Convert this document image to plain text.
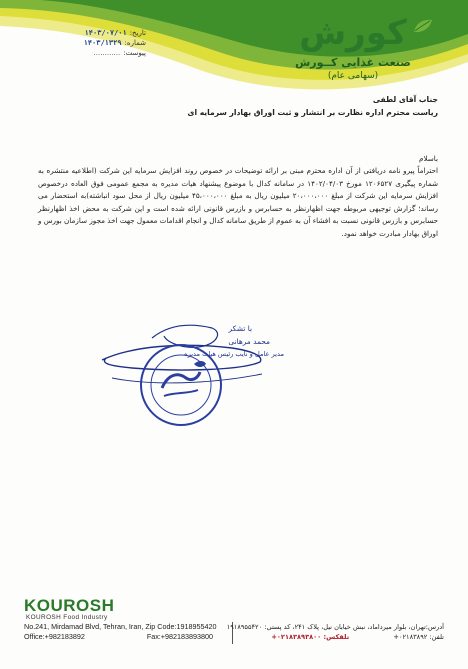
کورش
صنعت غذایی کــورش
(سهامی عام)
تاریخ:
۱۴۰۳/۰۷/۰۱
شماره:
۱۴۰۳/۱۳۲۹
پیوست:
............
جناب آقای لطفی
ریاست محترم اداره نظارت بر انتشار و ثبت اوراق بهادار سرمایه ای
باسلام
احتراماً پیرو نامه دریافتی از آن اداره محترم مبنی بر ارائه توضیحات در خصوص روند افزایش سرمایه این شرکت (اطلاعیه منتشره به شماره پیگیری ۱۲۰۶۵۲۷ مورخ ۱۴۰۲/۰۴/۰۳ در سامانه کدال با موضوع پیشنهاد هیات مدیره به مجمع عمومی فوق العاده درخصوص افزایش سرمایه این شرکت از مبلغ ۲۰،۰۰۰،۰۰۰ میلیون ریال به مبلغ ۴۵،۰۰۰،۰۰۰ میلیون ریال از محل سود انباشته)به استحضار می رساند؛ گزارش توجیهی مربوطه جهت اظهارنظر به حسابرس و بازرس قانونی ارائه شده است و این شرکت به محض اخذ اظهارنظر حسابرس و بازرس قانونی نسبت به افشاء آن به عموم از طریق سامانه کدال و انجام اقدامات معمول جهت اخذ مجوز سازمان بورس و اوراق بهادار مبادرت خواهد نمود.
با تشکر
محمد مرهانی
مدیر عامل و نایب رئیس هیات مدیره
KOUROSH
KOUROSH Food Industry
No.241, Mirdamad Blvd, Tehran, Iran, Zip Code:1918955420
Office:+982183892	Fax:+982183893800
آدرس:تهران، بلوار میرداماد، نبش خیابان نیل، پلاک ۲۴۱، کد پستی: ۱۹۱۸۹۵۵۴۲۰
تلفن: ۰۲۱۸۳۸۹۲+  تلفکس: ۰۲۱۸۳۸۹۳۸۰۰+
